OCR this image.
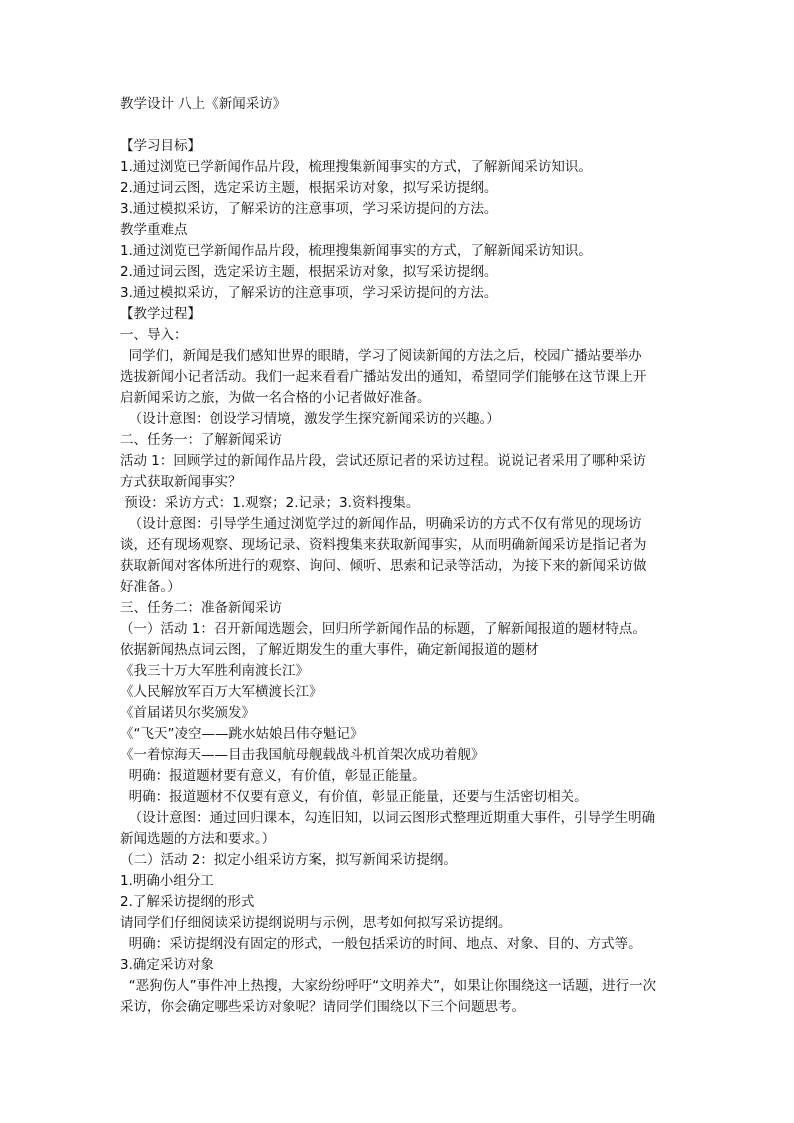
教学设计 八上《新闻采访》
【学习目标】
1.通过浏览已学新闻作品片段，梳理搜集新闻事实的方式，了解新闻采访知识。
2.通过词云图，选定采访主题，根据采访对象，拟写采访提纲。
3.通过模拟采访，了解采访的注意事项，学习采访提问的方法。
教学重难点
1.通过浏览已学新闻作品片段，梳理搜集新闻事实的方式，了解新闻采访知识。
2.通过词云图，选定采访主题，根据采访对象，拟写采访提纲。
3.通过模拟采访，了解采访的注意事项，学习采访提问的方法。
【教学过程】
一、导入：
同学们，新闻是我们感知世界的眼睛，学习了阅读新闻的方法之后，校园广播站要举办
选拔新闻小记者活动。我们一起来看看广播站发出的通知，希望同学们能够在这节课上开
启新闻采访之旅，为做一名合格的小记者做好准备。
（设计意图：创设学习情境，激发学生探究新闻采访的兴趣。）
二、任务一：了解新闻采访
活动 1：回顾学过的新闻作品片段，尝试还原记者的采访过程。说说记者采用了哪种采访
方式获取新闻事实？
预设：采访方式：1.观察；2.记录；3.资料搜集。
（设计意图：引导学生通过浏览学过的新闻作品，明确采访的方式不仅有常见的现场访
谈，还有现场观察、现场记录、资料搜集来获取新闻事实，从而明确新闻采访是指记者为
获取新闻对客体所进行的观察、询问、倾听、思索和记录等活动，为接下来的新闻采访做
好准备。）
三、任务二：准备新闻采访
（一）活动 1：召开新闻选题会，回归所学新闻作品的标题，了解新闻报道的题材特点。
依据新闻热点词云图，了解近期发生的重大事件，确定新闻报道的题材
《我三十万大军胜利南渡长江》
《人民解放军百万大军横渡长江》
《首届诺贝尔奖颁发》
《“飞天”凌空——跳水姑娘吕伟夺魁记》
《一着惊海天——目击我国航母舰载战斗机首架次成功着舰》
明确：报道题材要有意义，有价值，彰显正能量。
明确：报道题材不仅要有意义，有价值，彰显正能量，还要与生活密切相关。
（设计意图：通过回归课本，勾连旧知，以词云图形式整理近期重大事件，引导学生明确
新闻选题的方法和要求。）
（二）活动 2：拟定小组采访方案，拟写新闻采访提纲。
1.明确小组分工
2.了解采访提纲的形式
请同学们仔细阅读采访提纲说明与示例，思考如何拟写采访提纲。
明确：采访提纲没有固定的形式，一般包括采访的时间、地点、对象、目的、方式等。
3.确定采访对象
“恶狗伤人”事件冲上热搜，大家纷纷呼吁“文明养犬”，如果让你围绕这一话题，进行一次
采访，你会确定哪些采访对象呢？请同学们围绕以下三个问题思考。
